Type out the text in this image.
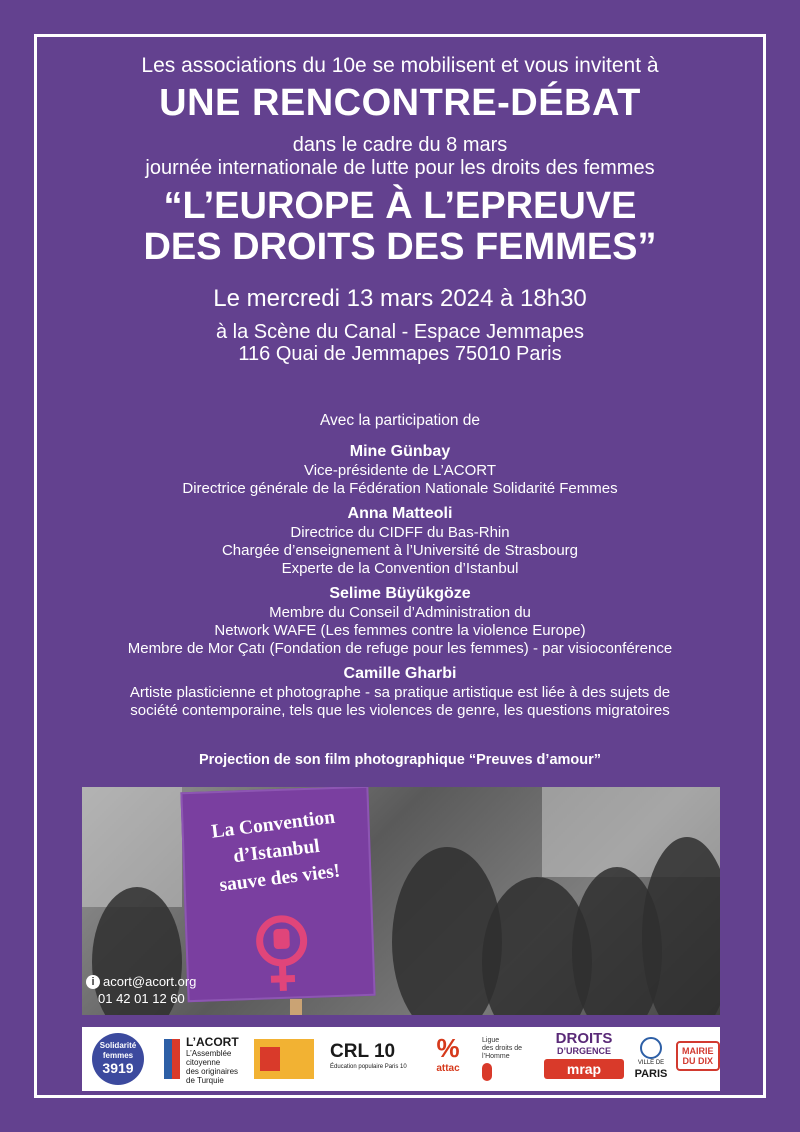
Les associations du 10e se mobilisent et vous invitent à
UNE RENCONTRE-DÉBAT
dans le cadre du 8 mars
journée internationale de lutte pour les droits des femmes
“L’EUROPE À L’EPREUVE
DES DROITS DES FEMMES”
Le mercredi 13 mars 2024 à 18h30
à la Scène du Canal - Espace Jemmapes
116 Quai de Jemmapes 75010 Paris
Avec la participation de
Mine Günbay
Vice-présidente de L’ACORT
Directrice générale de la Fédération Nationale Solidarité Femmes
Anna Matteoli
Directrice du CIDFF du Bas-Rhin
Chargée d’enseignement à l’Université de Strasbourg
Experte de la Convention d’Istanbul
Selime Büyükgöze
Membre du Conseil d’Administration du
Network WAFE (Les femmes contre la violence Europe)
Membre de Mor Çatı (Fondation de refuge pour les femmes) - par visioconférence
Camille Gharbi
Artiste plasticienne et photographe - sa pratique artistique est liée à des sujets de
société contemporaine, tels que les violences de genre, les questions migratoires
Projection de son film photographique “Preuves d’amour”
La Convention
d’Istanbul
sauve des vies!
i acort@acort.org
01 42 01 12 60
Solidarité
femmes
3919
L’ACORT
L’Assemblée
citoyenne
des originaires
de Turquie
CRL 10
Éducation populaire Paris 10
%
attac
Ligue
des droits de
l’Homme
DROITS
D’URGENCE
mrap	VILLE DE
PARIS
MAIRIE
DU DIX
